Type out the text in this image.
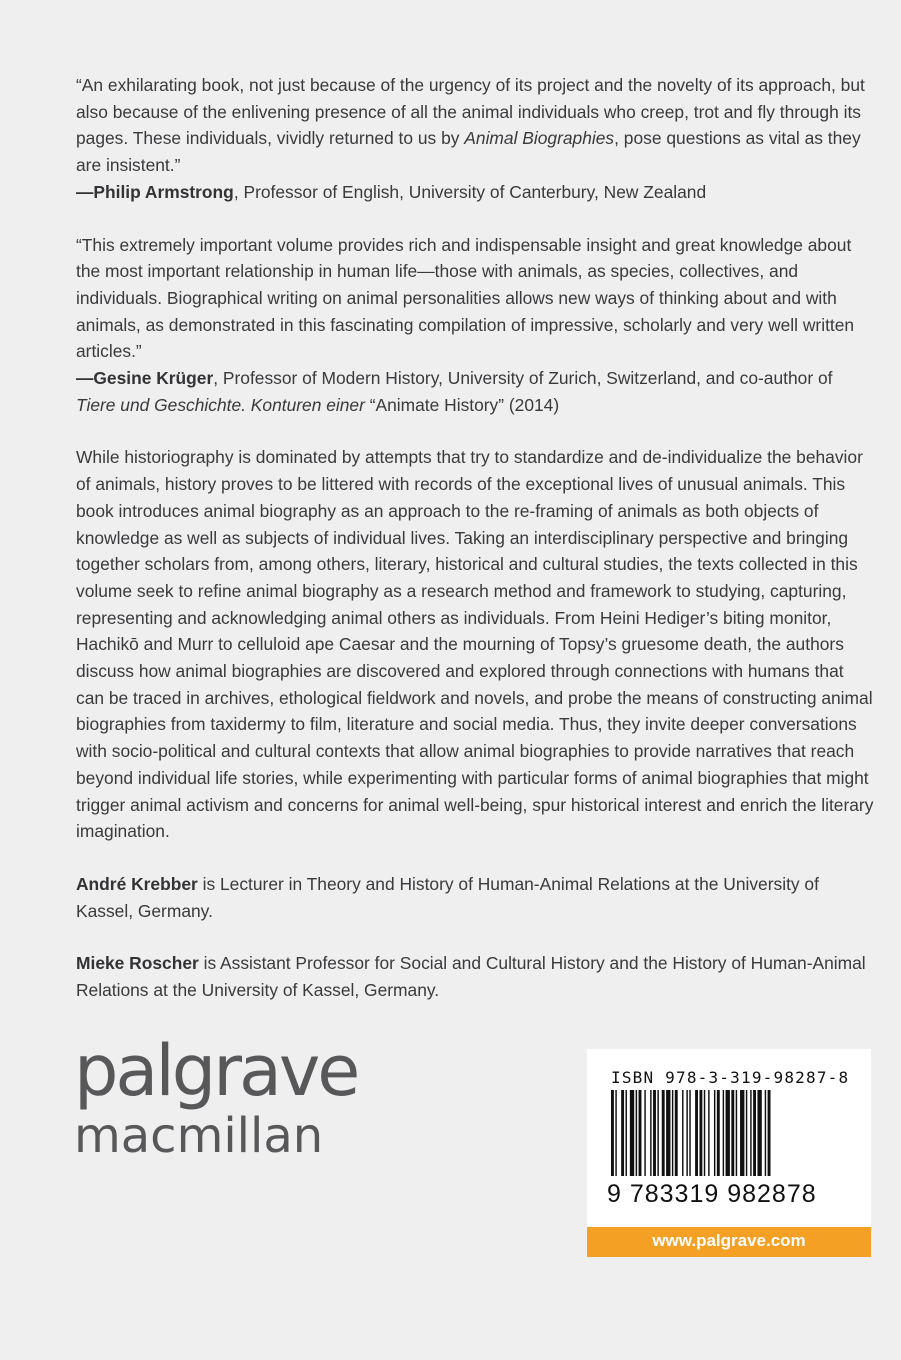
“An exhilarating book, not just because of the urgency of its project and the novelty of its approach, but also because of the enlivening presence of all the animal individuals who creep, trot and fly through its pages. These individuals, vividly returned to us by Animal Biographies, pose questions as vital as they are insistent.”

—Philip Armstrong, Professor of English, University of Canterbury, New Zealand

“This extremely important volume provides rich and indispensable insight and great knowledge about the most important relationship in human life—those with animals, as species, collectives, and individuals. Biographical writing on animal personalities allows new ways of thinking about and with animals, as demonstrated in this fascinating compilation of impressive, scholarly and very well written articles.”

—Gesine Krüger, Professor of Modern History, University of Zurich, Switzerland, and co-author of Tiere und Geschichte. Konturen einer “Animate History” (2014)

While historiography is dominated by attempts that try to standardize and de-individualize the behavior of animals, history proves to be littered with records of the exceptional lives of unusual animals. This book introduces animal biography as an approach to the re-framing of animals as both objects of knowledge as well as subjects of individual lives. Taking an interdisciplinary perspective and bringing together scholars from, among others, literary, historical and cultural studies, the texts collected in this volume seek to refine animal biography as a research method and framework to studying, capturing, representing and acknowledging animal others as individuals. From Heini Hediger’s biting monitor, Hachikō and Murr to celluloid ape Caesar and the mourning of Topsy’s gruesome death, the authors discuss how animal biographies are discovered and explored through connections with humans that can be traced in archives, ethological fieldwork and novels, and probe the means of constructing animal biographies from taxidermy to film, literature and social media. Thus, they invite deeper conversations with socio-political and cultural contexts that allow animal biographies to provide narratives that reach beyond individual life stories, while experimenting with particular forms of animal biographies that might trigger animal activism and concerns for animal well-being, spur historical interest and enrich the literary imagination.

André Krebber is Lecturer in Theory and History of Human-Animal Relations at the University of Kassel, Germany.

Mieke Roscher is Assistant Professor for Social and Cultural History and the History of Human-Animal Relations at the University of Kassel, Germany.

palgrave
macmillan
ISBN 978-3-319-98287-8
9 783319 982878
www.palgrave.com
